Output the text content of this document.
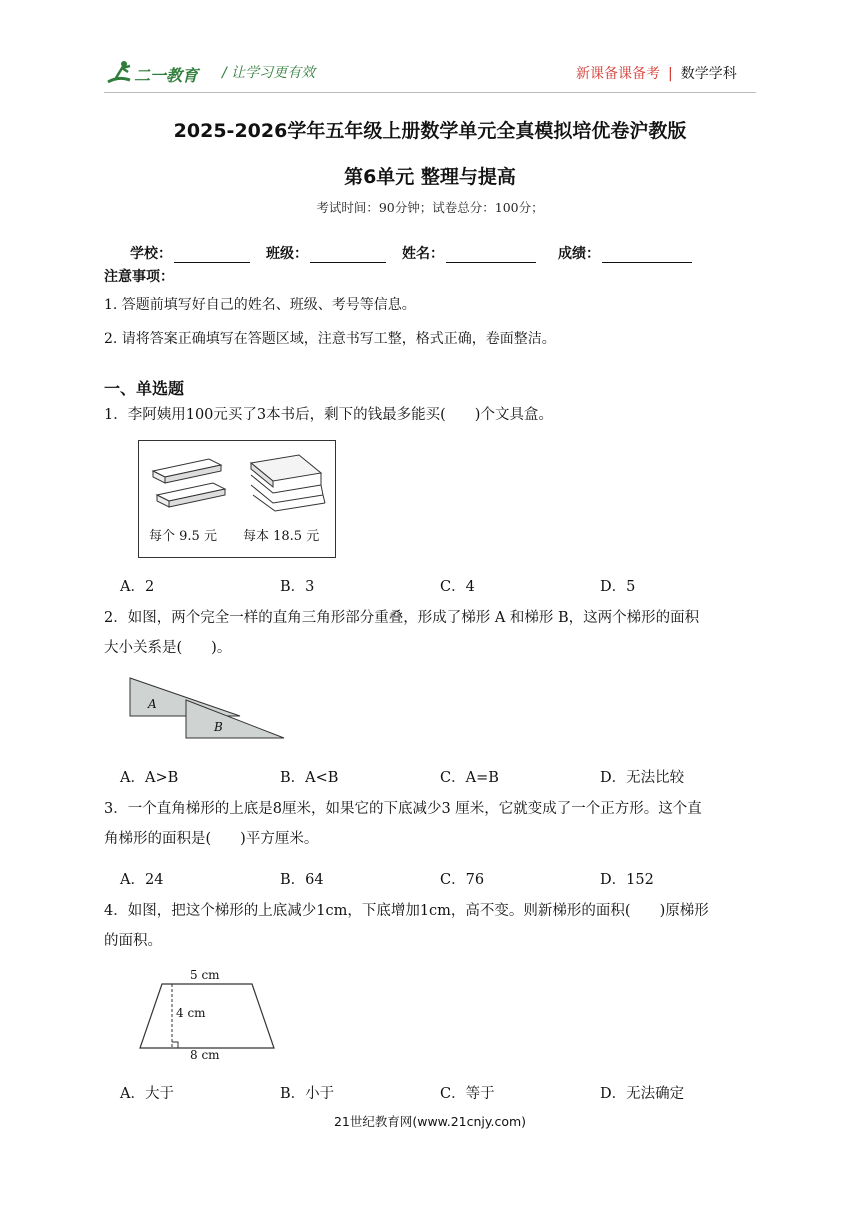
二一教育 / 让学习更有效	新课备课备考 | 数学学科
2025-2026学年五年级上册数学单元全真模拟培优卷沪教版
第6单元 整理与提高
考试时间：90分钟；试卷总分：100分；
学校：	班级：	姓名：	成绩：
注意事项：
1. 答题前填写好自己的姓名、班级、考号等信息。
2. 请将答案正确填写在答题区域，注意书写工整，格式正确，卷面整洁。
一、单选题
1．李阿姨用100元买了3本书后，剩下的钱最多能买(　　)个文具盒。
每个 9.5 元 每本 18.5 元
A．2	B．3	C．4	D．5
2．如图，两个完全一样的直角三角形部分重叠，形成了梯形 A 和梯形 B，这两个梯形的面积
大小关系是(　　)。
A
B
A．A>B	B．A<B	C．A=B	D．无法比较
3．一个直角梯形的上底是8厘米，如果它的下底减少3 厘米，它就变成了一个正方形。这个直
角梯形的面积是(　　)平方厘米。
A．24	B．64	C．76	D．152
4．如图，把这个梯形的上底减少1cm，下底增加1cm，高不变。则新梯形的面积(　　)原梯形
的面积。
5 cm
4 cm
8 cm
A．大于	B．小于	C．等于	D．无法确定
21世纪教育网(www.21cnjy.com)
